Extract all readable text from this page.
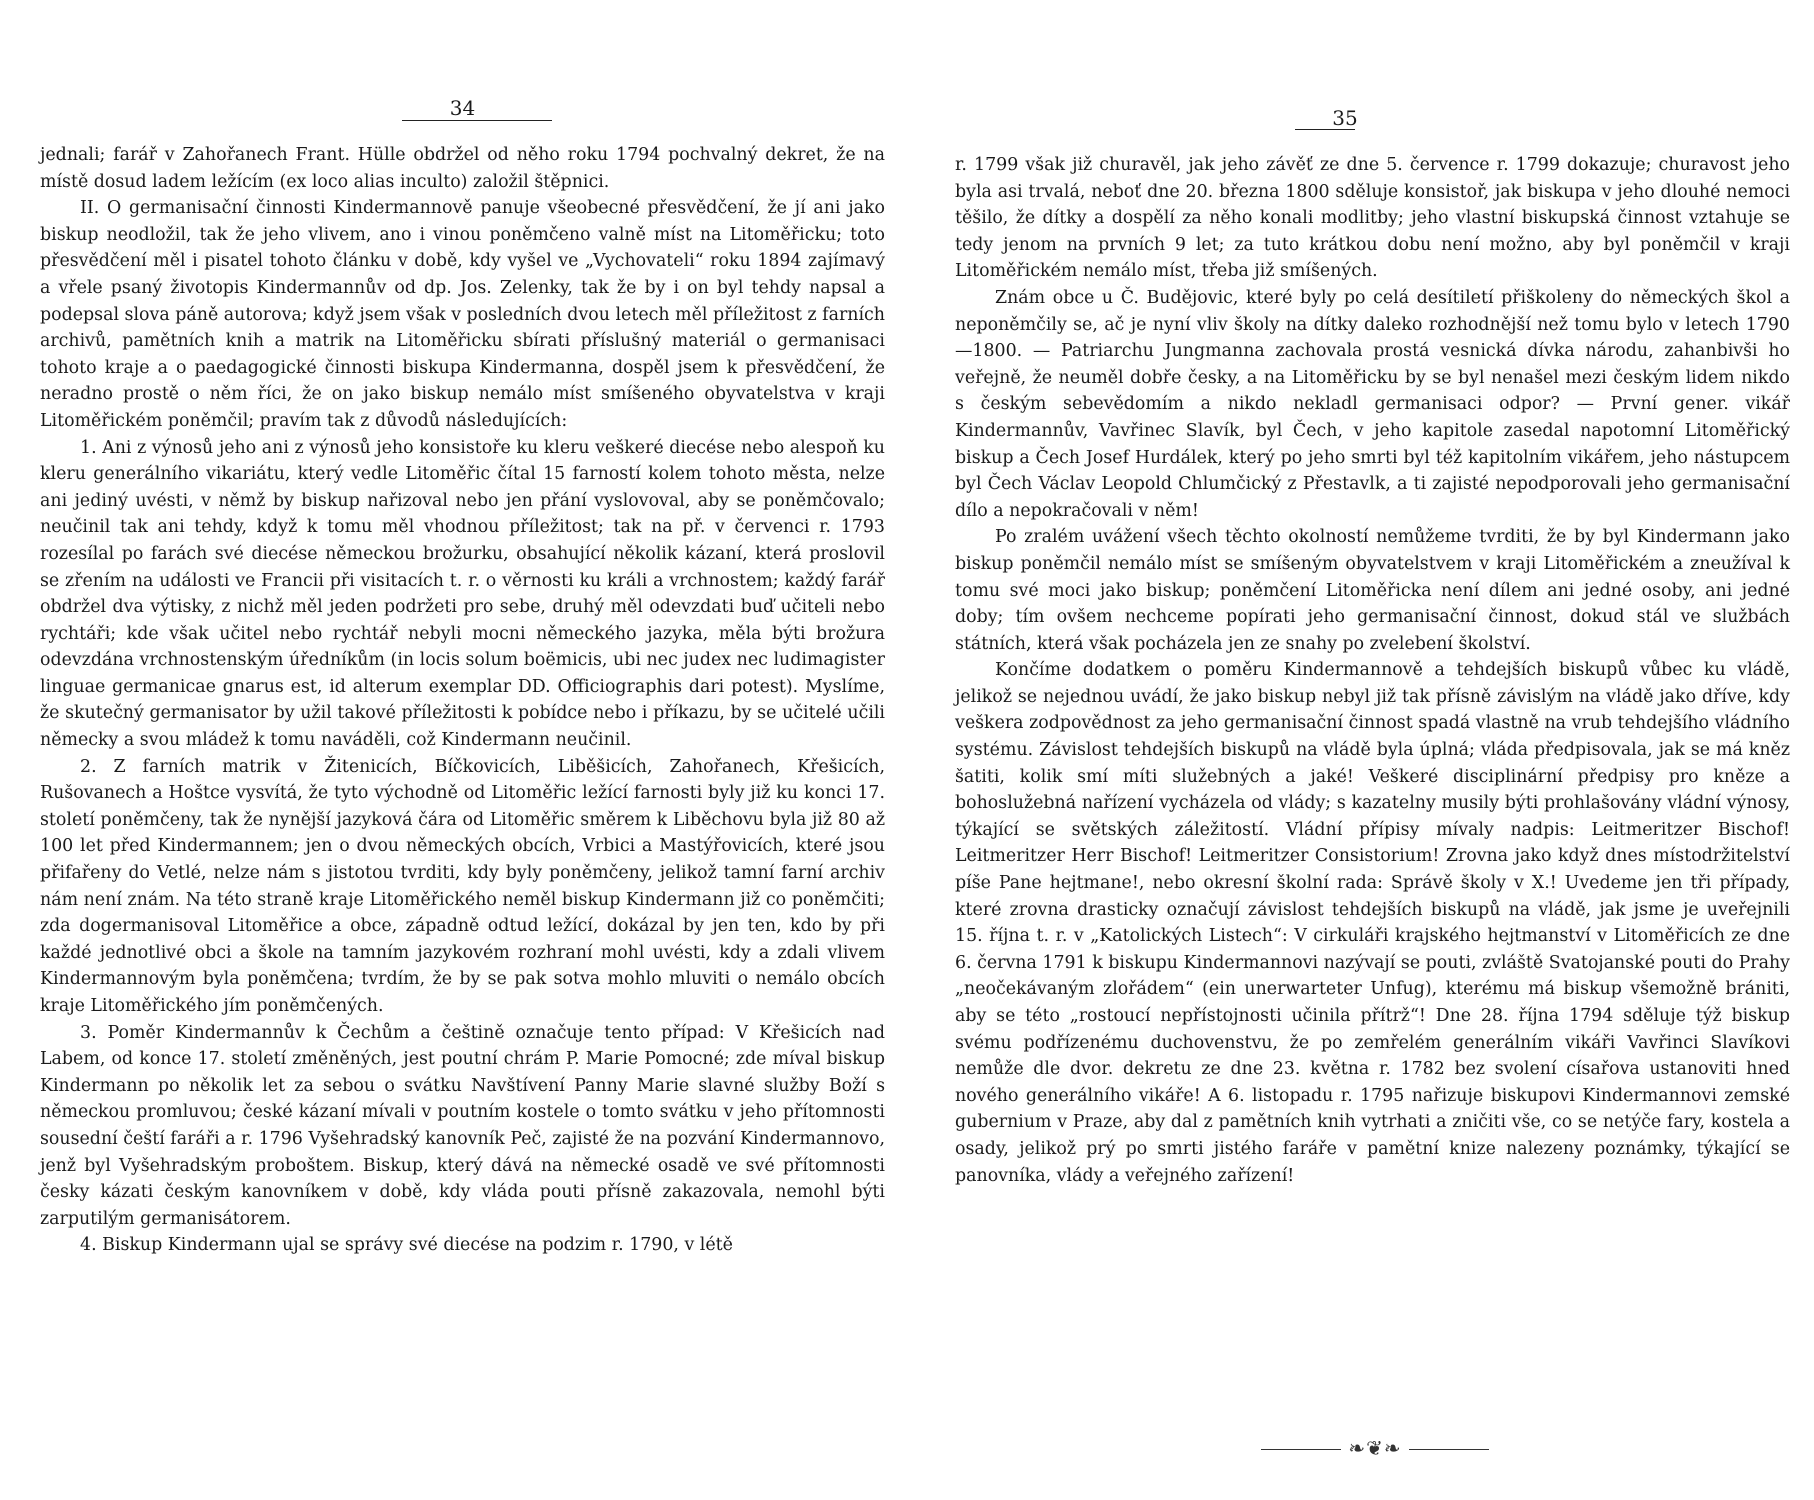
34

jednali; farář v Zahořanech Frant. Hülle obdržel od něho roku 1794 pochvalný dekret, že na místě dosud ladem ležícím (ex loco alias inculto) založil štěpnici.

II. O germanisační činnosti Kindermannově panuje všeobecné přesvědčení, že jí ani jako biskup neodložil, tak že jeho vlivem, ano i vinou poněmčeno valně míst na Litoměřicku; toto přesvědčení měl i pisatel tohoto článku v době, kdy vyšel ve „Vychovateli“ roku 1894 zajímavý a vřele psaný životopis Kindermannův od dp. Jos. Zelenky, tak že by i on byl tehdy napsal a podepsal slova páně autorova; když jsem však v posledních dvou letech měl příležitost z farních archivů, pamětních knih a matrik na Litoměřicku sbírati příslušný materiál o germanisaci tohoto kraje a o paedagogické činnosti biskupa Kindermanna, dospěl jsem k přesvědčení, že neradno prostě o něm říci, že on jako biskup nemálo míst smíšeného obyvatelstva v kraji Litoměřickém poněmčil; pravím tak z důvodů následujících:

1. Ani z výnosů jeho ani z výnosů jeho konsistoře ku kleru veškeré diecése nebo alespoň ku kleru generálního vikariátu, který vedle Litoměřic čítal 15 farností kolem tohoto města, nelze ani jediný uvésti, v němž by biskup nařizoval nebo jen přání vyslovoval, aby se poněmčovalo; neučinil tak ani tehdy, když k tomu měl vhodnou příležitost; tak na př. v červenci r. 1793 rozesílal po farách své diecése německou brožurku, obsahující několik kázaní, která proslovil se zřením na události ve Francii při visitacích t. r. o věrnosti ku králi a vrchnostem; každý farář obdržel dva výtisky, z nichž měl jeden podržeti pro sebe, druhý měl odevzdati buď učiteli nebo rychtáři; kde však učitel nebo rychtář nebyli mocni německého jazyka, měla býti brožura odevzdána vrchnostenským úředníkům (in locis solum boëmicis, ubi nec judex nec ludimagister linguae germanicae gnarus est, id alterum exemplar DD. Officiographis dari potest). Myslíme, že skutečný germanisator by užil takové příležitosti k pobídce nebo i příkazu, by se učitelé učili německy a svou mládež k tomu naváděli, což Kindermann neučinil.

2. Z farních matrik v Žitenicích, Bíčkovicích, Liběšicích, Zahořanech, Křešicích, Rušovanech a Hoštce vysvítá, že tyto východně od Litoměřic ležící farnosti byly již ku konci 17. století poněmčeny, tak že nynější jazyková čára od Litoměřic směrem k Liběchovu byla již 80 až 100 let před Kindermannem; jen o dvou německých obcích, Vrbici a Mastýřovicích, které jsou přifařeny do Vetlé, nelze nám s jistotou tvrditi, kdy byly poněmčeny, jelikož tamní farní archiv nám není znám. Na této straně kraje Litoměřického neměl biskup Kindermann již co poněmčiti; zda dogermanisoval Litoměřice a obce, západně odtud ležící, dokázal by jen ten, kdo by při každé jednotlivé obci a škole na tamním jazykovém rozhraní mohl uvésti, kdy a zdali vlivem Kindermannovým byla poněmčena; tvrdím, že by se pak sotva mohlo mluviti o nemálo obcích kraje Litoměřického jím poněmčených.

3. Poměr Kindermannův k Čechům a češtině označuje tento případ: V Křešicích nad Labem, od konce 17. století změněných, jest poutní chrám P. Marie Pomocné; zde míval biskup Kindermann po několik let za sebou o svátku Navštívení Panny Marie slavné služby Boží s německou promluvou; české kázaní mívali v poutním kostele o tomto svátku v jeho přítomnosti sousední čeští faráři a r. 1796 Vyšehradský kanovník Peč, zajisté že na pozvání Kindermannovo, jenž byl Vyšehradským proboštem. Biskup, který dává na německé osadě ve své přítomnosti česky kázati českým kanovníkem v době, kdy vláda pouti přísně zakazovala, nemohl býti zarputilým germanisátorem.

4. Biskup Kindermann ujal se správy své diecése na podzim r. 1790, v létě

35

r. 1799 však již churavěl, jak jeho závěť ze dne 5. července r. 1799 dokazuje; churavost jeho byla asi trvalá, neboť dne 20. března 1800 sděluje konsistoř, jak biskupa v jeho dlouhé nemoci těšilo, že dítky a dospělí za něho konali modlitby; jeho vlastní biskupská činnost vztahuje se tedy jenom na prvních 9 let; za tuto krátkou dobu není možno, aby byl poněmčil v kraji Litoměřickém nemálo míst, třeba již smíšených.

Znám obce u Č. Budějovic, které byly po celá desítiletí přiškoleny do německých škol a neponěmčily se, ač je nyní vliv školy na dítky daleko rozhodnější než tomu bylo v letech 1790—1800. — Patriarchu Jungmanna zachovala prostá vesnická dívka národu, zahanbivši ho veřejně, že neuměl dobře česky, a na Litoměřicku by se byl nenašel mezi českým lidem nikdo s českým sebevědomím a nikdo nekladl germanisaci odpor? — První gener. vikář Kindermannův, Vavřinec Slavík, byl Čech, v jeho kapitole zasedal napotomní Litoměřický biskup a Čech Josef Hurdálek, který po jeho smrti byl též kapitolním vikářem, jeho nástupcem byl Čech Václav Leopold Chlumčický z Přestavlk, a ti zajisté nepodporovali jeho germanisační dílo a nepokračovali v něm!

Po zralém uvážení všech těchto okolností nemůžeme tvrditi, že by byl Kindermann jako biskup poněmčil nemálo míst se smíšeným obyvatelstvem v kraji Litoměřickém a zneužíval k tomu své moci jako biskup; poněmčení Litoměřicka není dílem ani jedné osoby, ani jedné doby; tím ovšem nechceme popírati jeho germanisační činnost, dokud stál ve službách státních, která však pocházela jen ze snahy po zvelebení školství.

Končíme dodatkem o poměru Kindermannově a tehdejších biskupů vůbec ku vládě, jelikož se nejednou uvádí, že jako biskup nebyl již tak přísně závislým na vládě jako dříve, kdy veškera zodpovědnost za jeho germanisační činnost spadá vlastně na vrub tehdejšího vládního systému. Závislost tehdejších biskupů na vládě byla úplná; vláda předpisovala, jak se má kněz šatiti, kolik smí míti služebných a jaké! Veškeré disciplinární předpisy pro kněze a bohoslužebná nařízení vycházela od vlády; s kazatelny musily býti prohlašovány vládní výnosy, týkající se světských záležitostí. Vládní přípisy mívaly nadpis: Leitmeritzer Bischof! Leitmeritzer Herr Bischof! Leitmeritzer Consistorium! Zrovna jako když dnes místodržitelství píše Pane hejtmane!, nebo okresní školní rada: Správě školy v X.! Uvedeme jen tři případy, které zrovna drasticky označují závislost tehdejších biskupů na vládě, jak jsme je uveřejnili 15. října t. r. v „Katolických Listech“: V cirkuláři krajského hejtmanství v Litoměřicích ze dne 6. června 1791 k biskupu Kindermannovi nazývají se pouti, zvláště Svatojanské pouti do Prahy „neočekávaným zlořádem“ (ein unerwarteter Unfug), kterému má biskup všemožně brániti, aby se této „rostoucí nepřístojnosti učinila přítrž“! Dne 28. října 1794 sděluje týž biskup svému podřízenému duchovenstvu, že po zemřelém generálním vikáři Vavřinci Slavíkovi nemůže dle dvor. dekretu ze dne 23. května r. 1782 bez svolení císařova ustanoviti hned nového generálního vikáře! A 6. listopadu r. 1795 nařizuje biskupovi Kindermannovi zemské gubernium v Praze, aby dal z pamětních knih vytrhati a zničiti vše, co se netýče fary, kostela a osady, jelikož prý po smrti jistého faráře v pamětní knize nalezeny poznámky, týkající se panovníka, vlády a veřejného zařízení!

❧❦❧
